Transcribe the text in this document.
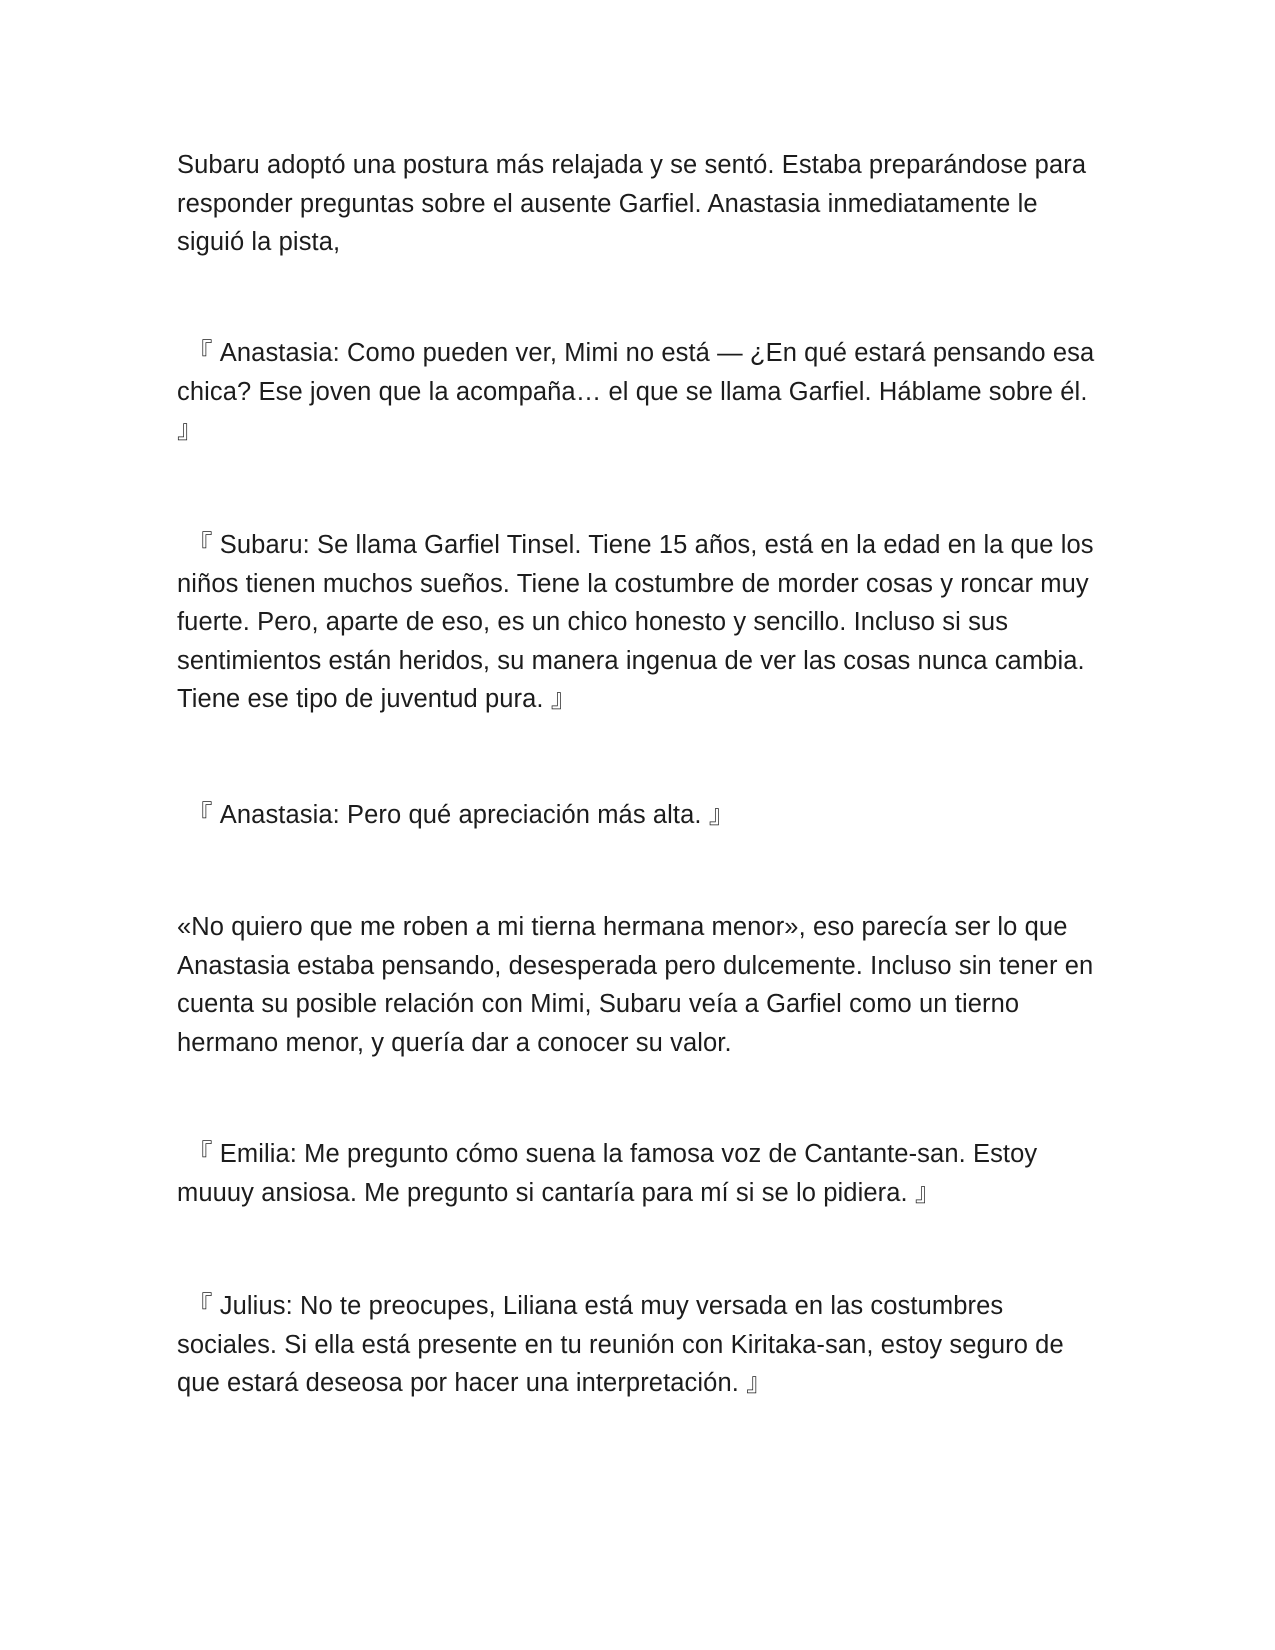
Subaru adoptó una postura más relajada y se sentó. Estaba preparándose para responder preguntas sobre el ausente Garfiel. Anastasia inmediatamente le siguió la pista,

『 Anastasia: Como pueden ver, Mimi no está — ¿En qué estará pensando esa chica? Ese joven que la acompaña… el que se llama Garfiel. Háblame sobre él. 』

『 Subaru: Se llama Garfiel Tinsel. Tiene 15 años, está en la edad en la que los niños tienen muchos sueños. Tiene la costumbre de morder cosas y roncar muy fuerte. Pero, aparte de eso, es un chico honesto y sencillo. Incluso si sus sentimientos están heridos, su manera ingenua de ver las cosas nunca cambia. Tiene ese tipo de juventud pura. 』

『 Anastasia: Pero qué apreciación más alta. 』

«No quiero que me roben a mi tierna hermana menor», eso parecía ser lo que Anastasia estaba pensando, desesperada pero dulcemente. Incluso sin tener en cuenta su posible relación con Mimi, Subaru veía a Garfiel como un tierno hermano menor, y quería dar a conocer su valor.

『 Emilia: Me pregunto cómo suena la famosa voz de Cantante-san. Estoy muuuy ansiosa. Me pregunto si cantaría para mí si se lo pidiera. 』

『 Julius: No te preocupes, Liliana está muy versada en las costumbres sociales. Si ella está presente en tu reunión con Kiritaka-san, estoy seguro de que estará deseosa por hacer una interpretación. 』
